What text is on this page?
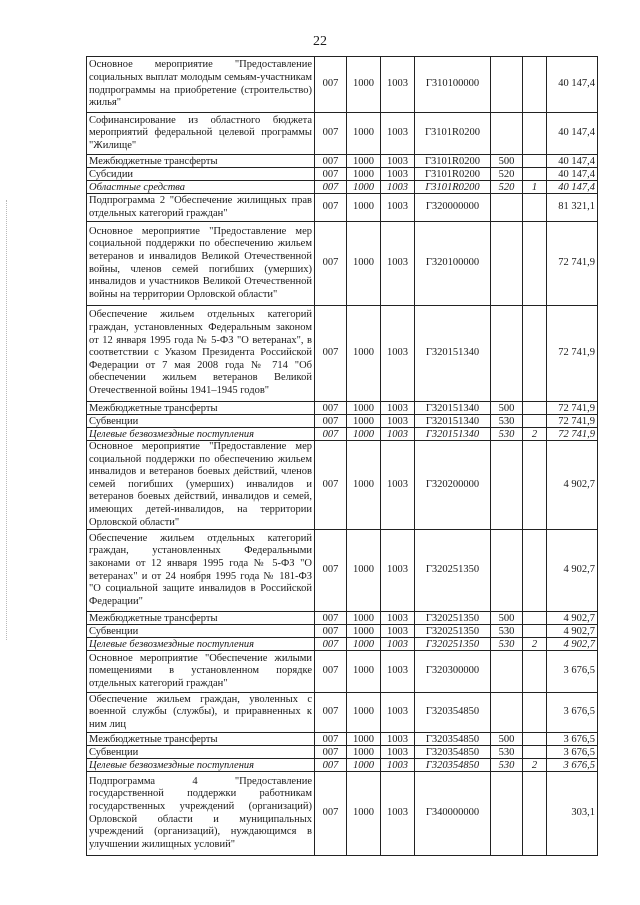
22
Основное мероприятие "Предоставление социальных выплат молодым семьям-участникам подпрограммы на приобретение (строительство) жилья"	007	1000	1003	Г310100000			40 147,4
Софинансирование из областного бюджета мероприятий федеральной целевой программы "Жилище"	007	1000	1003	Г3101R0200			40 147,4
Межбюджетные трансферты	007	1000	1003	Г3101R0200	500		40 147,4
Субсидии	007	1000	1003	Г3101R0200	520		40 147,4
Областные средства	007	1000	1003	Г3101R0200	520	1	40 147,4
Подпрограмма 2 "Обеспечение жилищных прав отдельных категорий граждан"	007	1000	1003	Г320000000			81 321,1
Основное мероприятие "Предоставление мер социальной поддержки по обеспечению жильем ветеранов и инвалидов Великой Отечественной войны, членов семей погибших (умерших) инвалидов и участников Великой Отечественной войны на территории Орловской области"	007	1000	1003	Г320100000			72 741,9
Обеспечение жильем отдельных категорий граждан, установленных Федеральным законом от 12 января 1995 года № 5-ФЗ "О ветеранах", в соответствии с Указом Президента Российской Федерации от 7 мая 2008 года № 714 "Об обеспечении жильем ветеранов Великой Отечественной войны 1941–1945 годов"	007	1000	1003	Г320151340			72 741,9
Межбюджетные трансферты	007	1000	1003	Г320151340	500		72 741,9
Субвенции	007	1000	1003	Г320151340	530		72 741,9
Целевые безвозмездные поступления	007	1000	1003	Г320151340	530	2	72 741,9
Основное мероприятие "Предоставление мер социальной поддержки по обеспечению жильем инвалидов и ветеранов боевых действий, членов семей погибших (умерших) инвалидов и ветеранов боевых действий, инвалидов и семей, имеющих детей-инвалидов, на территории Орловской области"	007	1000	1003	Г320200000			4 902,7
Обеспечение жильем отдельных категорий граждан, установленных Федеральными законами от 12 января 1995 года № 5-ФЗ "О ветеранах" и от 24 ноября 1995 года № 181-ФЗ "О социальной защите инвалидов в Российской Федерации"	007	1000	1003	Г320251350			4 902,7
Межбюджетные трансферты	007	1000	1003	Г320251350	500		4 902,7
Субвенции	007	1000	1003	Г320251350	530		4 902,7
Целевые безвозмездные поступления	007	1000	1003	Г320251350	530	2	4 902,7
Основное мероприятие "Обеспечение жилыми помещениями в установленном порядке отдельных категорий граждан"	007	1000	1003	Г320300000			3 676,5
Обеспечение жильем граждан, уволенных с военной службы (службы), и приравненных к ним лиц	007	1000	1003	Г320354850			3 676,5
Межбюджетные трансферты	007	1000	1003	Г320354850	500		3 676,5
Субвенции	007	1000	1003	Г320354850	530		3 676,5
Целевые безвозмездные поступления	007	1000	1003	Г320354850	530	2	3 676,5
Подпрограмма 4 "Предоставление государственной поддержки работникам государственных учреждений (организаций) Орловской области и муниципальных учреждений (организаций), нуждающимся в улучшении жилищных условий"	007	1000	1003	Г340000000			303,1
